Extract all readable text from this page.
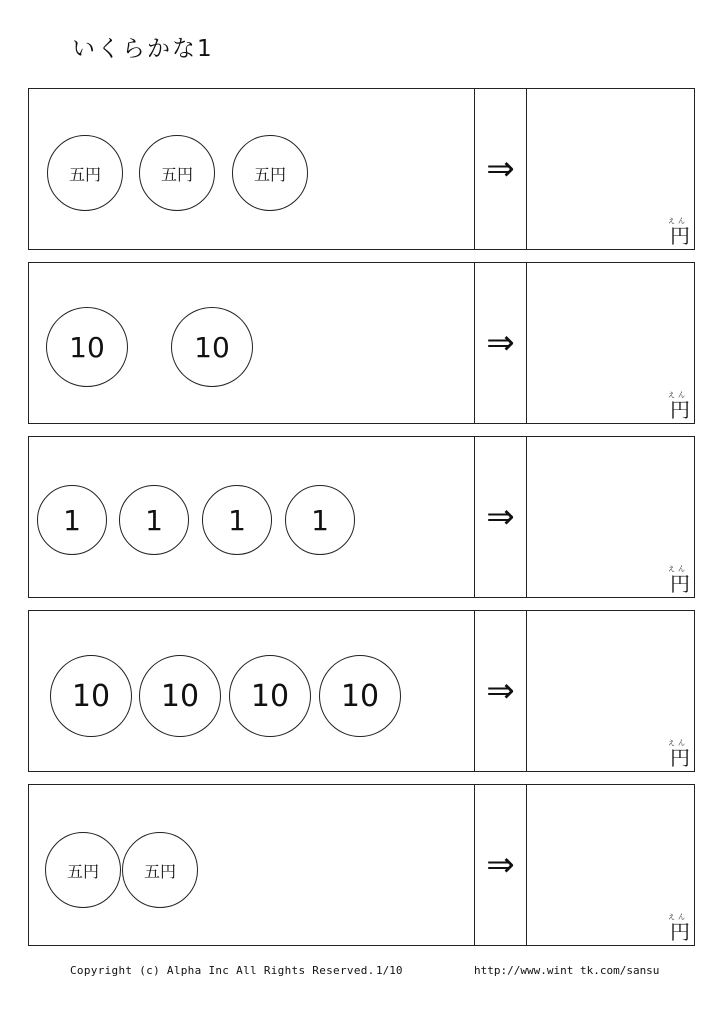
いくらかな1
五円	五円	五円	⇒
えん
円
10	10	⇒
えん
円
1	1	1	1	⇒
えん
円
10	10	10	10	⇒
えん
円
五円	五円	⇒
えん
円
Copyright (c) Alpha Inc All Rights Reserved. 1/10	http://www.wint tk.com/sansu
